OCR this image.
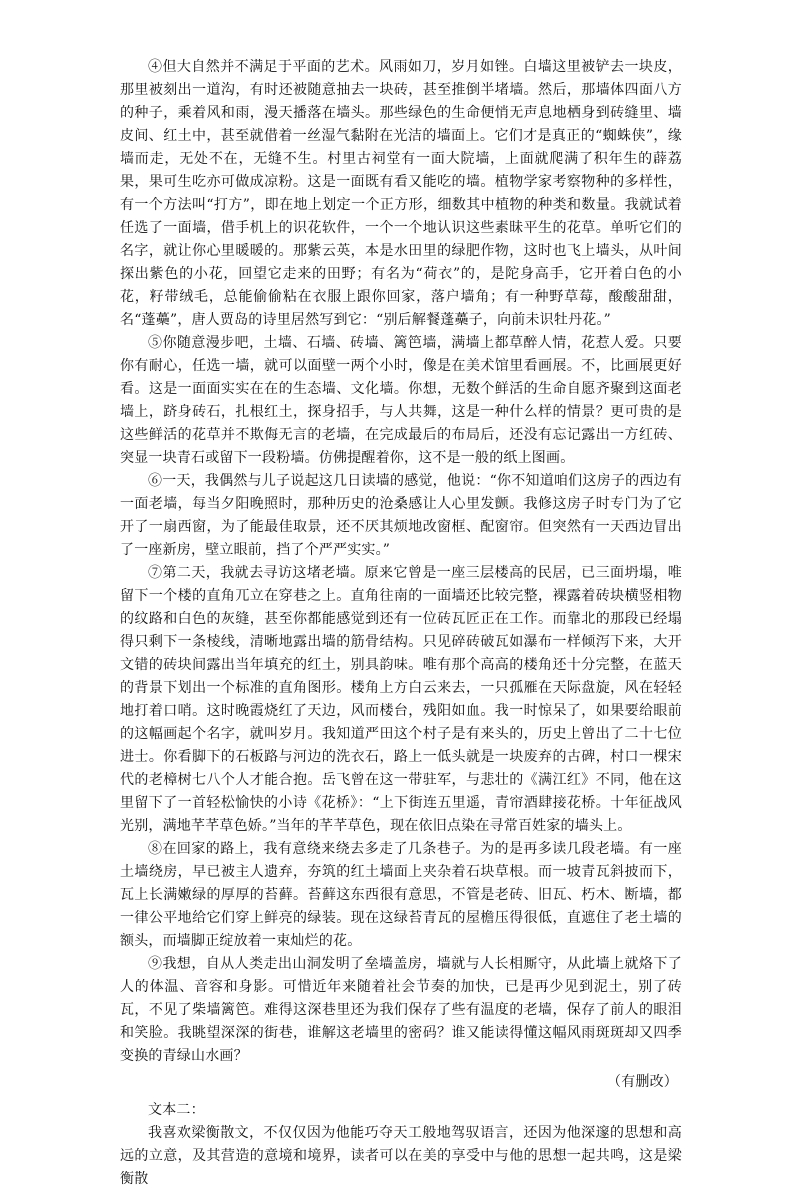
④但大自然并不满足于平面的艺术。风雨如刀，岁月如锉。白墙这里被铲去一块皮，那里被刻出一道沟，有时还被随意抽去一块砖，甚至推倒半堵墙。然后，那墙体四面八方的种子，乘着风和雨，漫天播落在墙头。那些绿色的生命便悄无声息地栖身到砖缝里、墙皮间、红土中，甚至就借着一丝湿气黏附在光洁的墙面上。它们才是真正的“蜘蛛侠”，缘墙而走，无处不在，无缝不生。村里古祠堂有一面大院墙，上面就爬满了积年生的薜荔果，果可生吃亦可做成凉粉。这是一面既有看又能吃的墙。植物学家考察物种的多样性，有一个方法叫“打方”，即在地上划定一个正方形，细数其中植物的种类和数量。我就试着任选了一面墙，借手机上的识花软件，一个一个地认识这些素昧平生的花草。单听它们的名字，就让你心里暖暖的。那紫云英，本是水田里的绿肥作物，这时也飞上墙头，从叶间探出紫色的小花，回望它走来的田野；有名为“荷衣”的，是陀身高手，它开着白色的小花，籽带绒毛，总能偷偷粘在衣服上跟你回家，落户墙角；有一种野草莓，酸酸甜甜，名“蓬蘽”，唐人贾岛的诗里居然写到它：“别后解餐蓬蘽子，向前未识牡丹花。”

⑤你随意漫步吧，土墙、石墙、砖墙、篱笆墙，满墙上都草醉人情，花惹人爱。只要你有耐心，任选一墙，就可以面壁一两个小时，像是在美术馆里看画展。不，比画展更好看。这是一面面实实在在的生态墙、文化墙。你想，无数个鲜活的生命自愿齐聚到这面老墙上，跻身砖石，扎根红土，探身招手，与人共舞，这是一种什么样的情景？更可贵的是这些鲜活的花草并不欺侮无言的老墙，在完成最后的布局后，还没有忘记露出一方红砖、突显一块青石或留下一段粉墙。仿佛提醒着你，这不是一般的纸上图画。

⑥一天，我偶然与儿子说起这几日读墙的感觉，他说：“你不知道咱们这房子的西边有一面老墙，每当夕阳晚照时，那种历史的沧桑感让人心里发颤。我修这房子时专门为了它开了一扇西窗，为了能最佳取景，还不厌其烦地改窗框、配窗帘。但突然有一天西边冒出了一座新房，壁立眼前，挡了个严严实实。”

⑦第二天，我就去寻访这堵老墙。原来它曾是一座三层楼高的民居，已三面坍塌，唯留下一个楼的直角兀立在穿巷之上。直角往南的一面墙还比较完整，裸露着砖块横竖相物的纹路和白色的灰缝，甚至你都能感觉到还有一位砖瓦匠正在工作。而靠北的那段已经塌得只剩下一条棱线，清晰地露出墙的筋骨结构。只见碎砖破瓦如瀑布一样倾泻下来，大开文错的砖块间露出当年填充的红土，别具韵味。唯有那个高高的楼角还十分完整，在蓝天的背景下划出一个标准的直角图形。楼角上方白云来去，一只孤雁在天际盘旋，风在轻轻地打着口哨。这时晚霞烧红了天边，风而楼台，残阳如血。我一时惊呆了，如果要给眼前的这幅画起个名字，就叫岁月。我知道严田这个村子是有来头的，历史上曾出了二十七位进士。你看脚下的石板路与河边的洗衣石，路上一低头就是一块废弃的古碑，村口一棵宋代的老樟树七八个人才能合抱。岳飞曾在这一带驻军，与悲壮的《满江红》不同，他在这里留下了一首轻松愉快的小诗《花桥》：“上下街连五里遥，青帘酒肆接花桥。十年征战风光别，满地芊芊草色娇。”当年的芊芊草色，现在依旧点染在寻常百姓家的墙头上。

⑧在回家的路上，我有意绕来绕去多走了几条巷子。为的是再多读几段老墙。有一座土墙绕房，早已被主人遗弃，夯筑的红土墙面上夹杂着石块草根。而一坡青瓦斜披而下，瓦上长满嫩绿的厚厚的苔藓。苔藓这东西很有意思，不管是老砖、旧瓦、朽木、断墙，都一律公平地给它们穿上鲜亮的绿装。现在这绿苔青瓦的屋檐压得很低，直遮住了老土墙的额头，而墙脚正绽放着一束灿烂的花。

⑨我想，自从人类走出山洞发明了垒墙盖房，墙就与人长相厮守，从此墙上就烙下了人的体温、音容和身影。可惜近年来随着社会节奏的加快，已是再少见到泥土，别了砖瓦，不见了柴墙篱笆。难得这深巷里还为我们保存了些有温度的老墙，保存了前人的眼泪和笑脸。我眺望深深的街巷，谁解这老墙里的密码？谁又能读得懂这幅风雨斑斑却又四季变换的青绿山水画？

（有删改）

文本二：

我喜欢梁衡散文，不仅仅因为他能巧夺天工般地驾驭语言，还因为他深邃的思想和高远的立意，及其营造的意境和境界，读者可以在美的享受中与他的思想一起共鸣，这是梁衡散
